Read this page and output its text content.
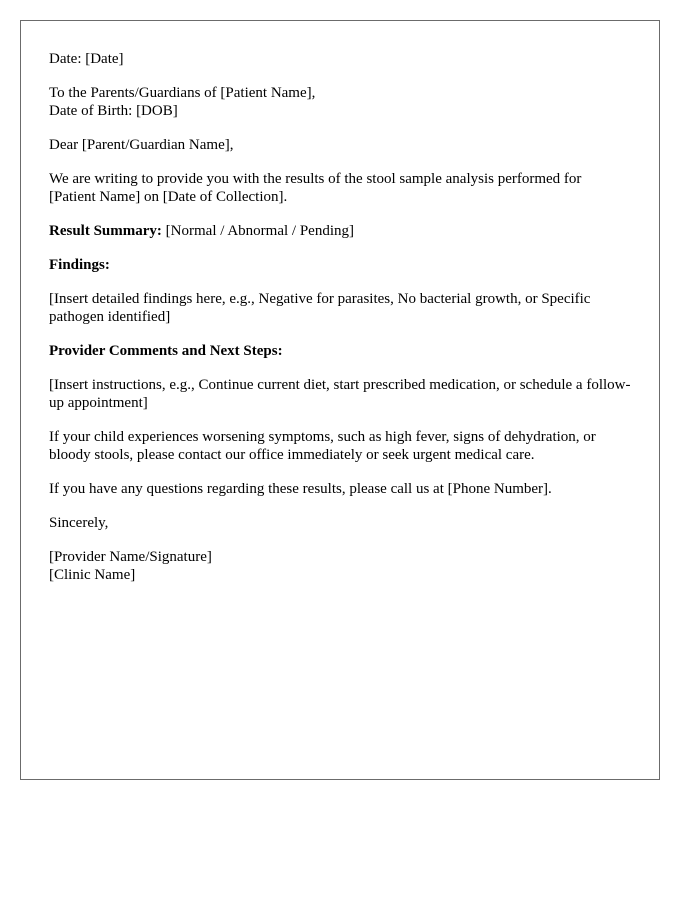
Date: [Date]

To the Parents/Guardians of [Patient Name],
Date of Birth: [DOB]

Dear [Parent/Guardian Name],

We are writing to provide you with the results of the stool sample analysis performed for [Patient Name] on [Date of Collection].

Result Summary: [Normal / Abnormal / Pending]

Findings:

[Insert detailed findings here, e.g., Negative for parasites, No bacterial growth, or Specific pathogen identified]

Provider Comments and Next Steps:

[Insert instructions, e.g., Continue current diet, start prescribed medication, or schedule a follow-up appointment]

If your child experiences worsening symptoms, such as high fever, signs of dehydration, or bloody stools, please contact our office immediately or seek urgent medical care.

If you have any questions regarding these results, please call us at [Phone Number].

Sincerely,

[Provider Name/Signature]
[Clinic Name]
